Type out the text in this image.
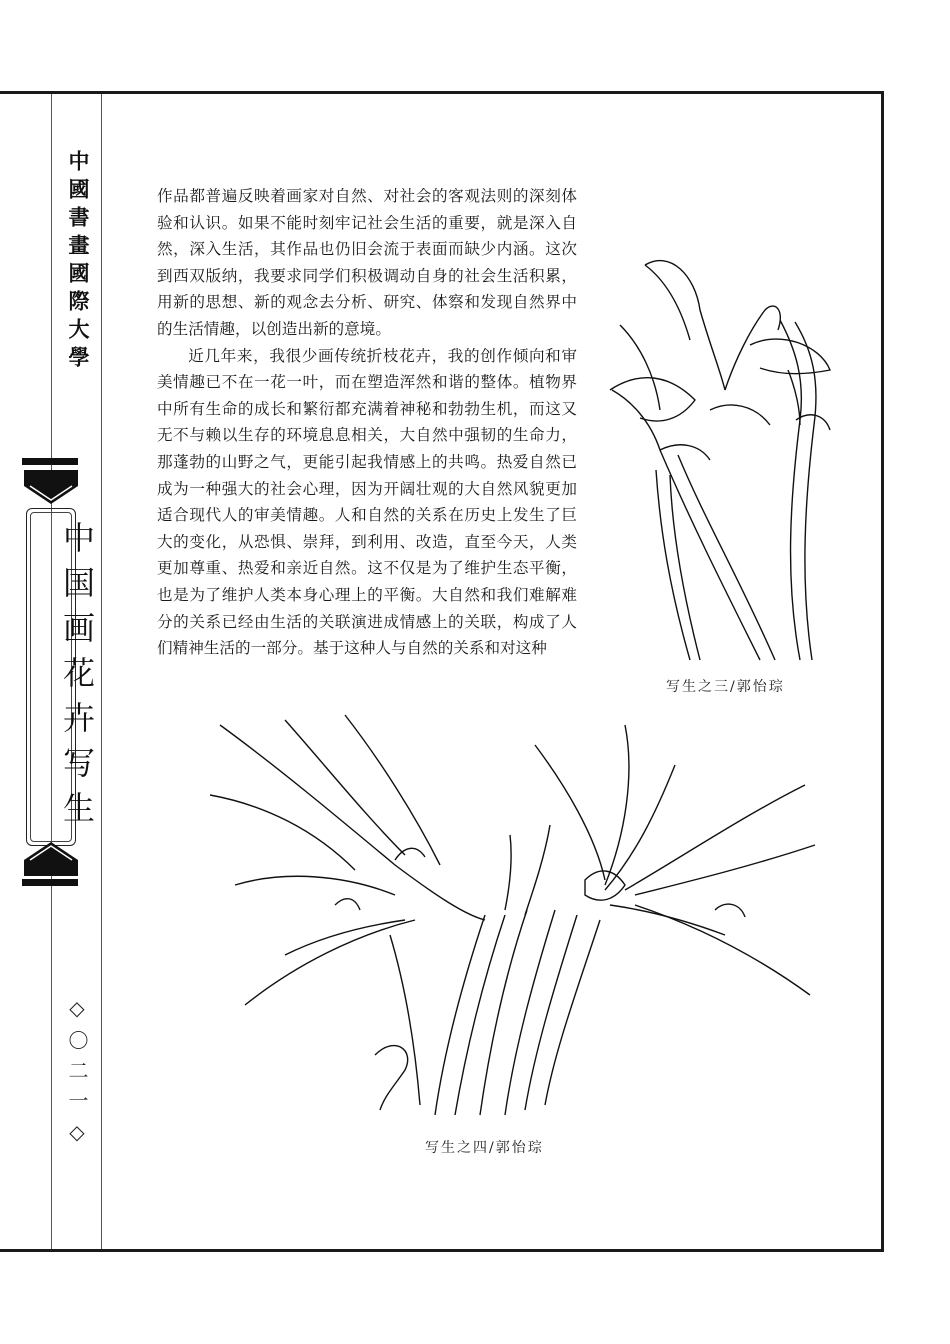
中國書畫國際大學
中国画花卉写生
◇〇二一◇

作品都普遍反映着画家对自然、对社会的客观法则的深刻体验和认识。如果不能时刻牢记社会生活的重要，就是深入自然，深入生活，其作品也仍旧会流于表面而缺少内涵。这次到西双版纳，我要求同学们积极调动自身的社会生活积累，用新的思想、新的观念去分析、研究、体察和发现自然界中的生活情趣，以创造出新的意境。

近几年来，我很少画传统折枝花卉，我的创作倾向和审美情趣已不在一花一叶，而在塑造浑然和谐的整体。植物界中所有生命的成长和繁衍都充满着神秘和勃勃生机，而这又无不与赖以生存的环境息息相关，大自然中强韧的生命力，那蓬勃的山野之气，更能引起我情感上的共鸣。热爱自然已成为一种强大的社会心理，因为开阔壮观的大自然风貌更加适合现代人的审美情趣。人和自然的关系在历史上发生了巨大的变化，从恐惧、崇拜，到利用、改造，直至今天，人类更加尊重、热爱和亲近自然。这不仅是为了维护生态平衡，也是为了维护人类本身心理上的平衡。大自然和我们难解难分的关系已经由生活的关联演进成情感上的关联，构成了人们精神生活的一部分。基于这种人与自然的关系和对这种

写生之三/郭怡琮
写生之四/郭怡琮
